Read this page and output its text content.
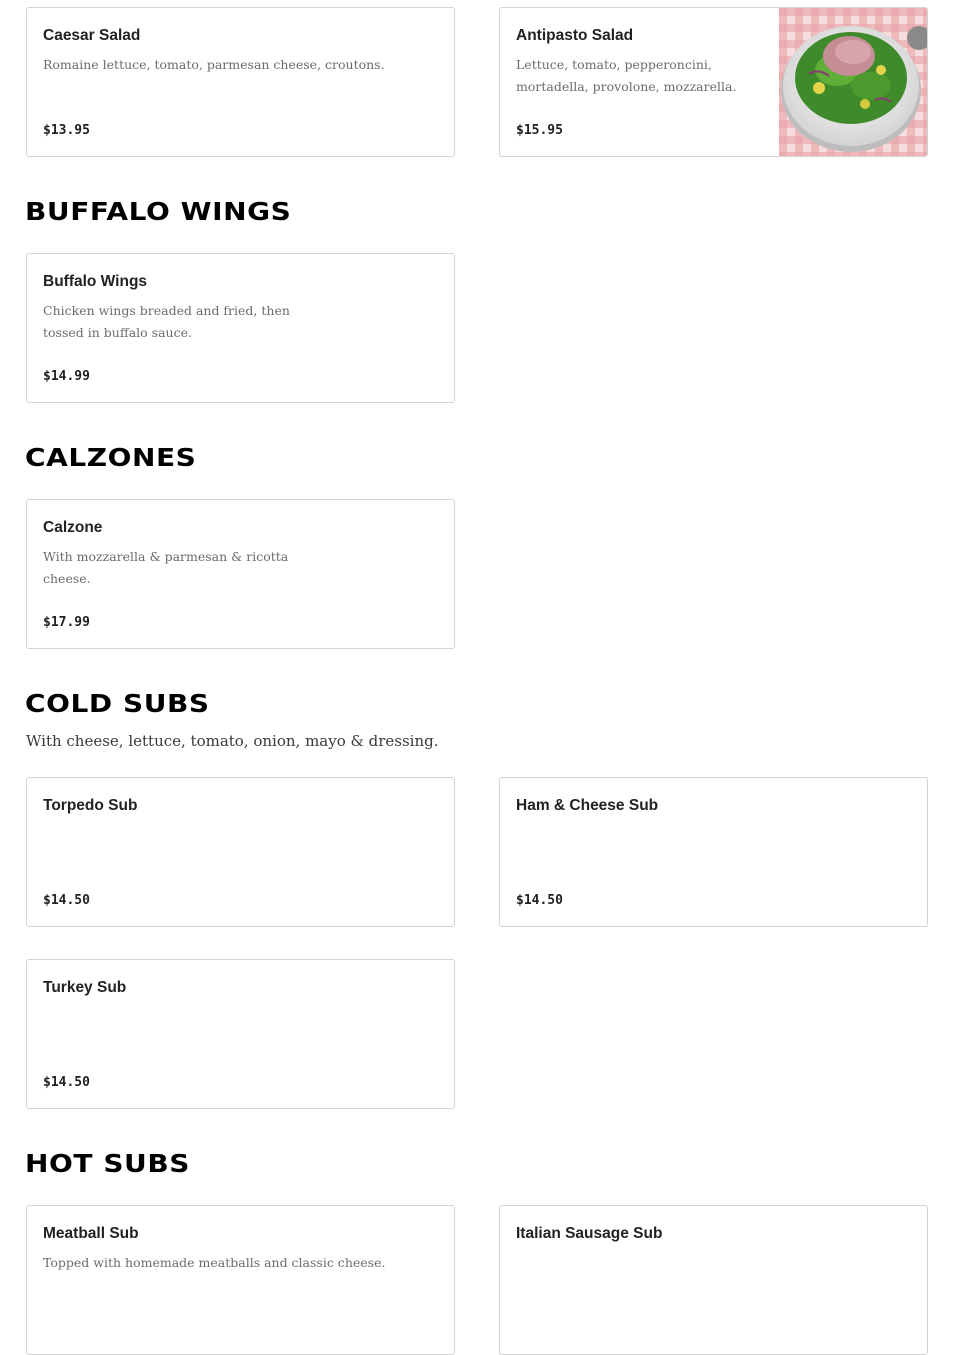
Caesar Salad
Romaine lettuce, tomato, parmesan cheese, croutons.
$13.95
Antipasto Salad
Lettuce, tomato, pepperoncini, mortadella, provolone, mozzarella.
$15.95
BUFFALO WINGS
Buffalo Wings
Chicken wings breaded and fried, then tossed in buffalo sauce.
$14.99
CALZONES
Calzone
With mozzarella & parmesan & ricotta cheese.
$17.99
COLD SUBS
With cheese, lettuce, tomato, onion, mayo & dressing.
Torpedo Sub
$14.50
Ham & Cheese Sub
$14.50
Turkey Sub
$14.50
HOT SUBS
Meatball Sub
Topped with homemade meatballs and classic cheese.
Italian Sausage Sub
